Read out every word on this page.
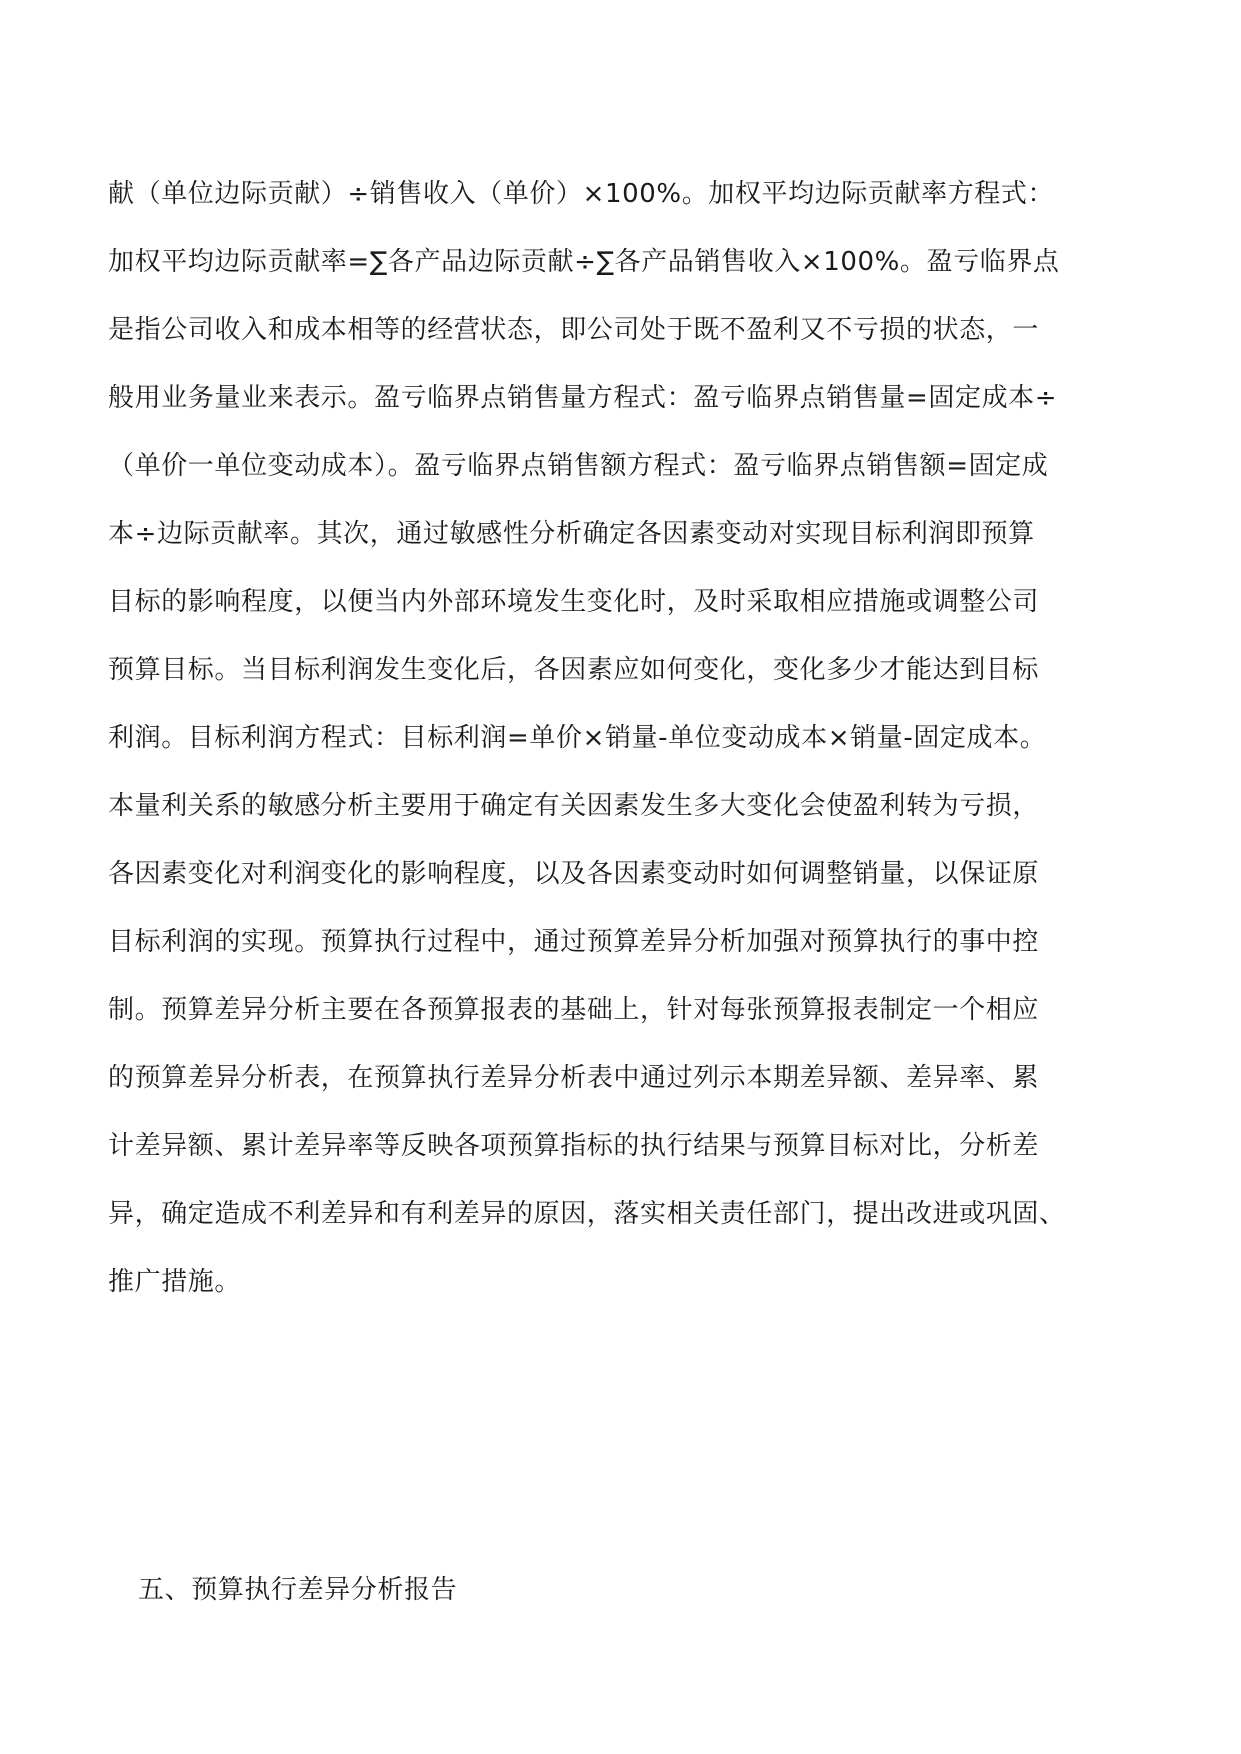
献（单位边际贡献）÷销售收入（单价）×100%。加权平均边际贡献率方程式：
加权平均边际贡献率=∑各产品边际贡献÷∑各产品销售收入×100%。盈亏临界点
是指公司收入和成本相等的经营状态，即公司处于既不盈利又不亏损的状态，一
般用业务量业来表示。盈亏临界点销售量方程式：盈亏临界点销售量=固定成本÷
（单价一单位变动成本）。盈亏临界点销售额方程式：盈亏临界点销售额=固定成
本÷边际贡献率。其次，通过敏感性分析确定各因素变动对实现目标利润即预算
目标的影响程度，以便当内外部环境发生变化时，及时采取相应措施或调整公司
预算目标。当目标利润发生变化后，各因素应如何变化，变化多少才能达到目标
利润。目标利润方程式：目标利润=单价×销量-单位变动成本×销量-固定成本。
本量利关系的敏感分析主要用于确定有关因素发生多大变化会使盈利转为亏损，
各因素变化对利润变化的影响程度，以及各因素变动时如何调整销量，以保证原
目标利润的实现。预算执行过程中，通过预算差异分析加强对预算执行的事中控
制。预算差异分析主要在各预算报表的基础上，针对每张预算报表制定一个相应
的预算差异分析表，在预算执行差异分析表中通过列示本期差异额、差异率、累
计差异额、累计差异率等反映各项预算指标的执行结果与预算目标对比，分析差
异，确定造成不利差异和有利差异的原因，落实相关责任部门，提出改进或巩固、
推广措施。
五、预算执行差异分析报告
